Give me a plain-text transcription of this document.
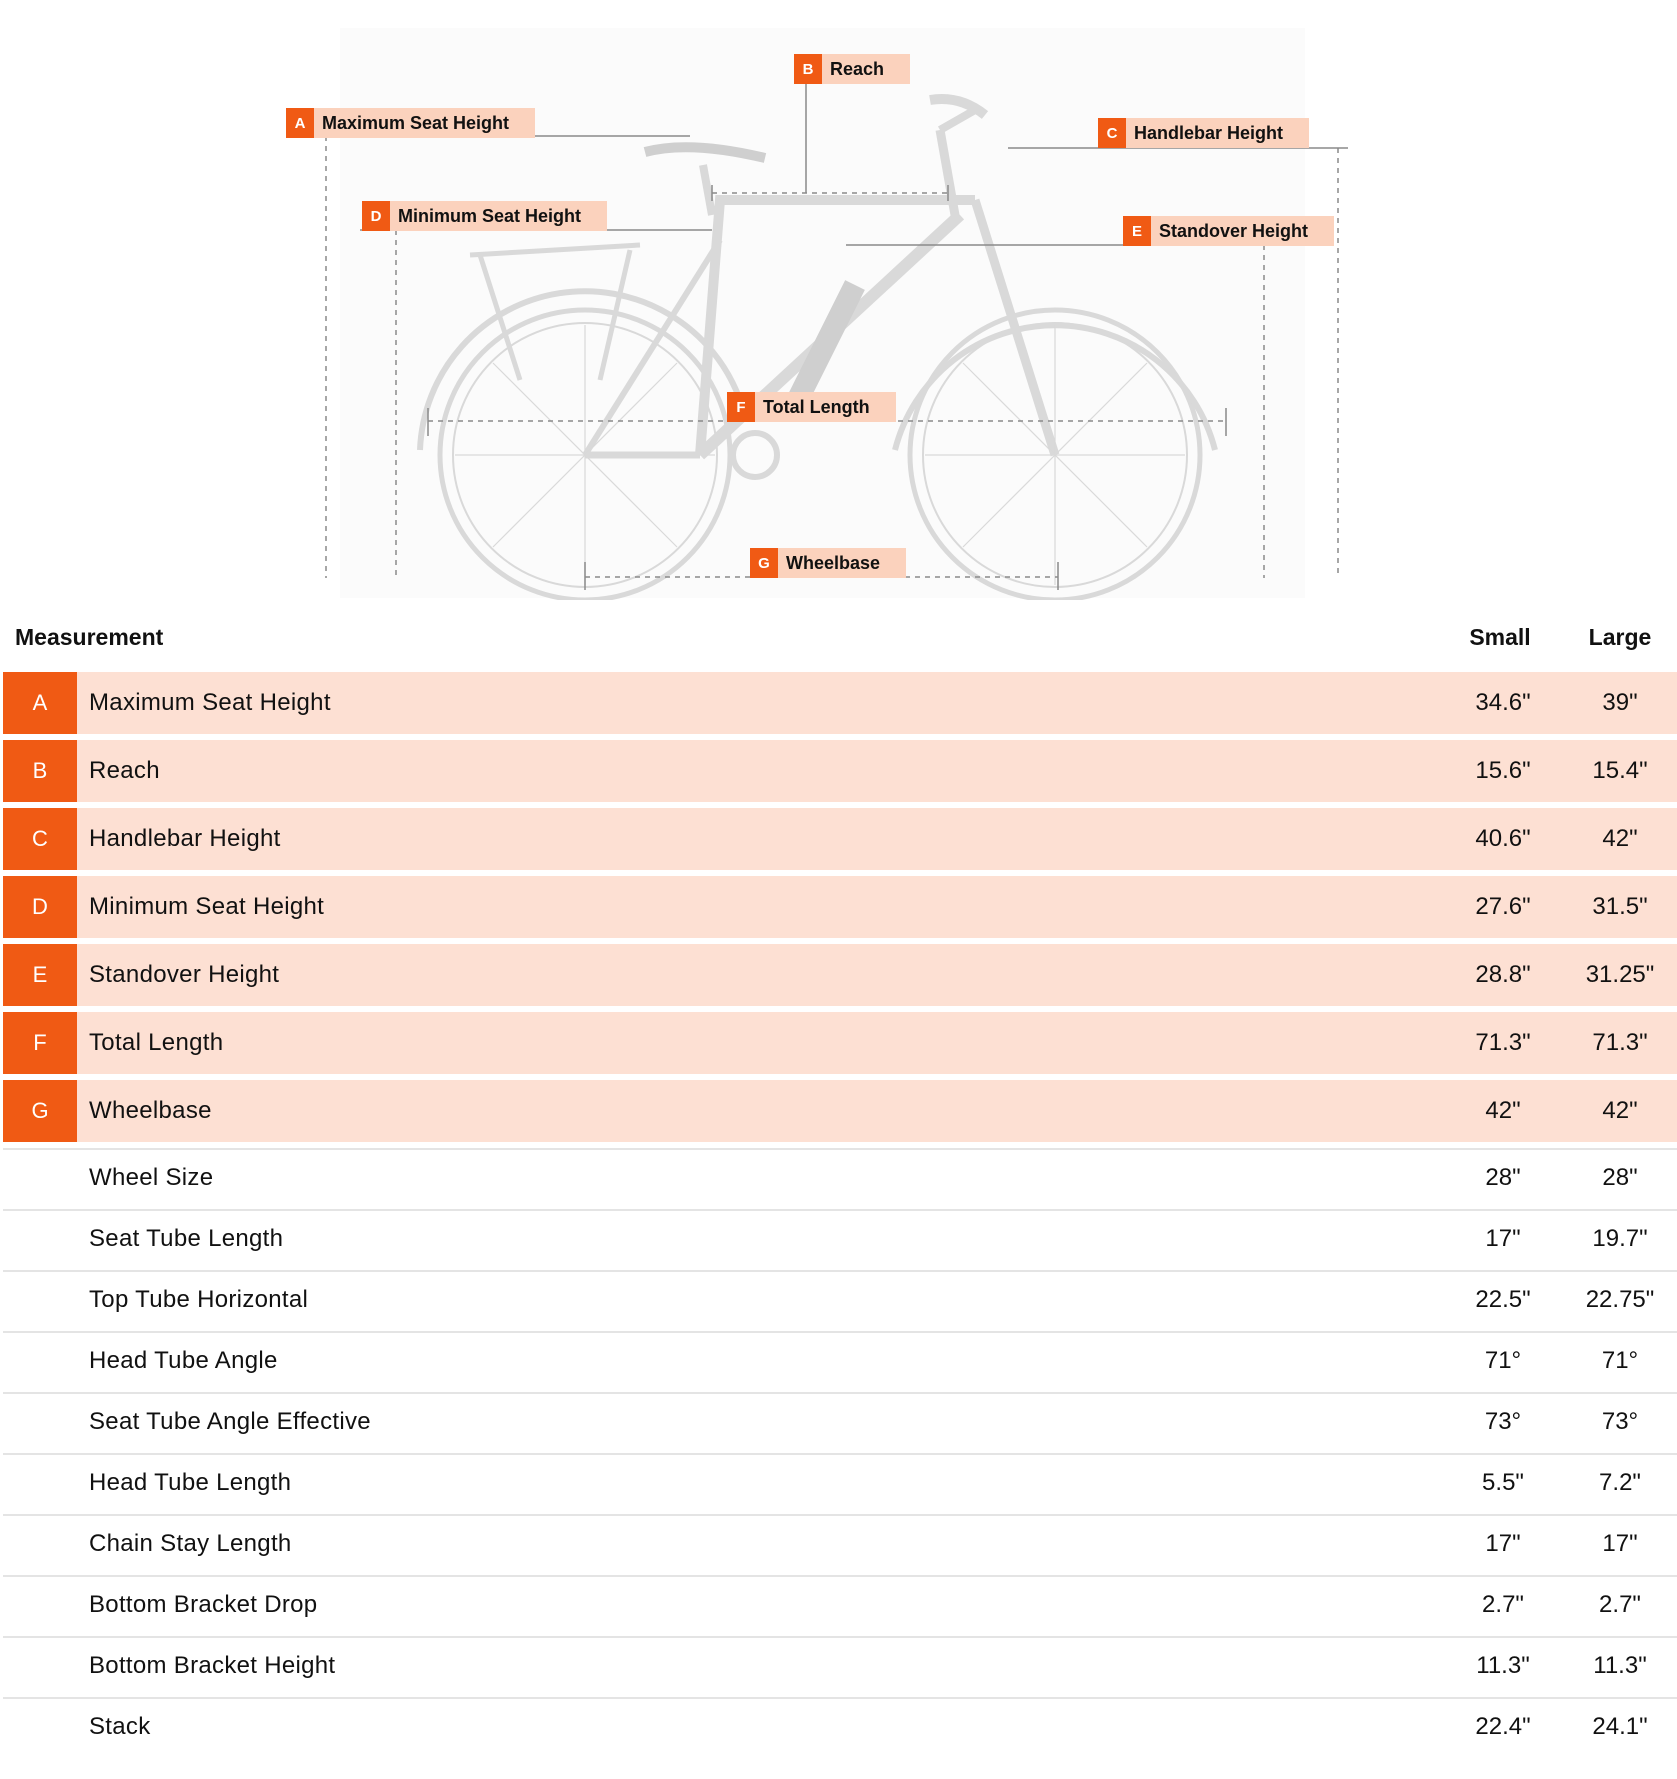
A Maximum Seat Height
B Reach
C Handlebar Height
D Minimum Seat Height
E Standover Height
F Total Length
G Wheelbase
Measurement	Small	Large
A	Maximum Seat Height	34.6"	39"
B	Reach	15.6"	15.4"
C	Handlebar Height	40.6"	42"
D	Minimum Seat Height	27.6"	31.5"
E	Standover Height	28.8"	31.25"
F	Total Length	71.3"	71.3"
G	Wheelbase	42"	42"
Wheel Size	28"	28"
Seat Tube Length	17"	19.7"
Top Tube Horizontal	22.5"	22.75"
Head Tube Angle	71°	71°
Seat Tube Angle Effective	73°	73°
Head Tube Length	5.5"	7.2"
Chain Stay Length	17"	17"
Bottom Bracket Drop	2.7"	2.7"
Bottom Bracket Height	11.3"	11.3"
Stack	22.4"	24.1"
